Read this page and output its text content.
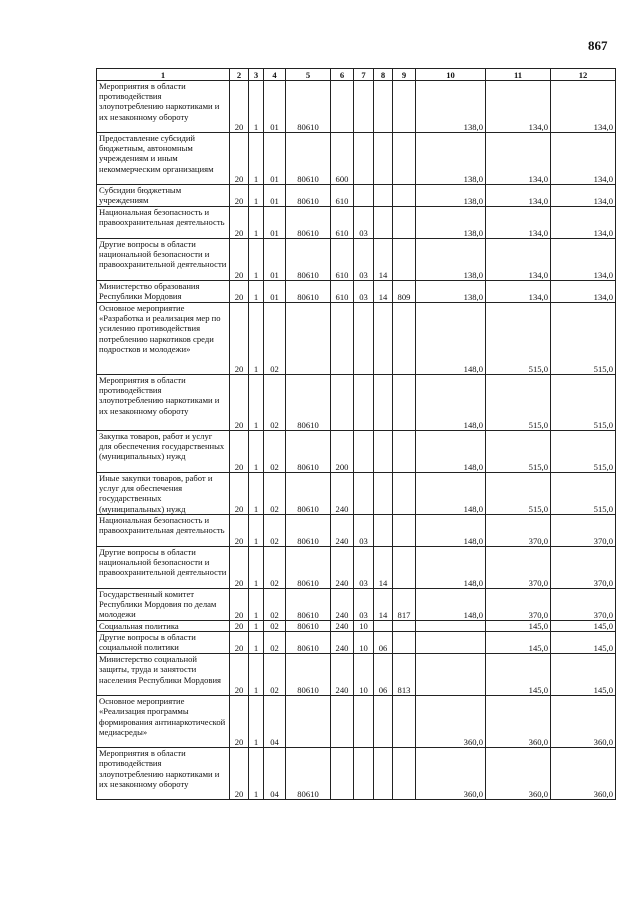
867
1	2	3	4	5	6	7	8	9	10	11	12

Мероприятия в области противодействия злоупотреблению наркотиками и их незаконному обороту	20	1	01	80610					138,0	134,0	134,0

Предоставление субсидий бюджетным, автономным учреждениям и иным некоммерческим организациям	20	1	01	80610	600				138,0	134,0	134,0

Субсидии бюджетным учреждениям	20	1	01	80610	610				138,0	134,0	134,0

Национальная безопасность и правоохранительная деятельность	20	1	01	80610	610	03			138,0	134,0	134,0

Другие вопросы в области национальной безопасности и правоохранительной деятельности	20	1	01	80610	610	03	14		138,0	134,0	134,0

Министерство образования Республики Мордовия	20	1	01	80610	610	03	14	809	138,0	134,0	134,0

Основное мероприятие «Разработка и реализация мер по усилению противодействия потреблению наркотиков среди подростков и молодежи»	20	1	02						148,0	515,0	515,0

Мероприятия в области противодействия злоупотреблению наркотиками и их незаконному обороту	20	1	02	80610					148,0	515,0	515,0

Закупка товаров, работ и услуг для обеспечения государственных (муниципальных) нужд	20	1	02	80610	200				148,0	515,0	515,0

Иные закупки товаров, работ и услуг для обеспечения государственных (муниципальных) нужд	20	1	02	80610	240				148,0	515,0	515,0

Национальная безопасность и правоохранительная деятельность	20	1	02	80610	240	03			148,0	370,0	370,0

Другие вопросы в области национальной безопасности и правоохранительной деятельности	20	1	02	80610	240	03	14		148,0	370,0	370,0

Государственный комитет Республики Мордовия по делам молодежи	20	1	02	80610	240	03	14	817	148,0	370,0	370,0

Социальная политика	20	1	02	80610	240	10				145,0	145,0

Другие вопросы в области социальной политики	20	1	02	80610	240	10	06			145,0	145,0

Министерство социальной защиты, труда и занятости населения Республики Мордовия	20	1	02	80610	240	10	06	813		145,0	145,0

Основное мероприятие «Реализация программы формирования антинаркотической медиасреды»	20	1	04						360,0	360,0	360,0

Мероприятия в области противодействия злоупотреблению наркотиками и их незаконному обороту	20	1	04	80610					360,0	360,0	360,0
